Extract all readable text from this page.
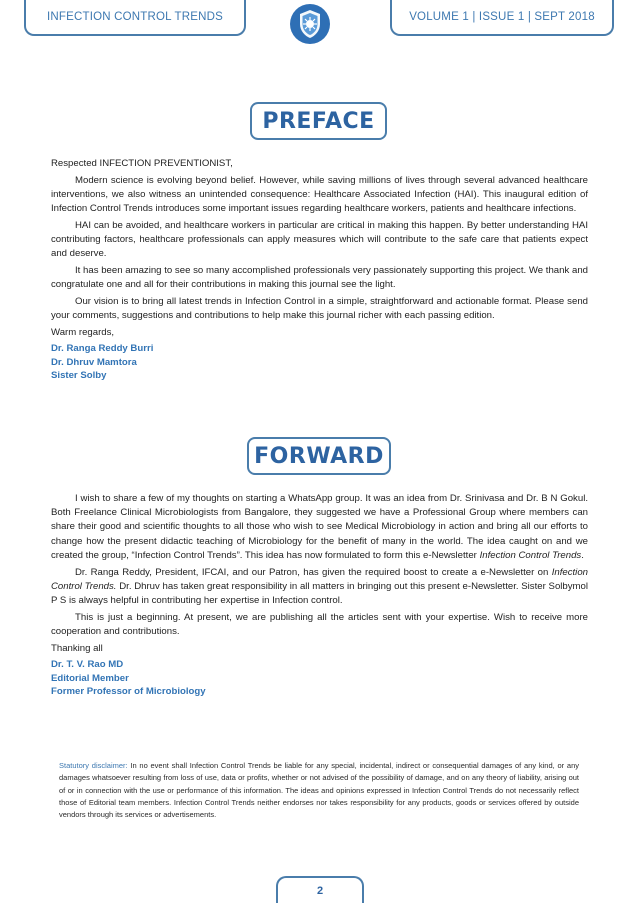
INFECTION CONTROL TRENDS	VOLUME 1 | ISSUE 1 | SEPT 2018
PREFACE

Respected INFECTION PREVENTIONIST,

Modern science is evolving beyond belief. However, while saving millions of lives through several advanced healthcare interventions, we also witness an unintended consequence: Healthcare Associated Infection (HAI). This inaugural edition of Infection Control Trends introduces some important issues regarding healthcare workers, patients and healthcare infections.

HAI can be avoided, and healthcare workers in particular are critical in making this happen. By better understanding HAI contributing factors, healthcare professionals can apply measures which will contribute to the safe care that patients expect and deserve.

It has been amazing to see so many accomplished professionals very passionately supporting this project. We thank and congratulate one and all for their contributions in making this journal see the light.

Our vision is to bring all latest trends in Infection Control in a simple, straightforward and actionable format. Please send your comments, suggestions and contributions to help make this journal richer with each passing edition.

Warm regards,

Dr. Ranga Reddy Burri
Dr. Dhruv Mamtora
Sister Solby
FORWARD

I wish to share a few of my thoughts on starting a WhatsApp group. It was an idea from Dr. Srinivasa and Dr. B N Gokul. Both Freelance Clinical Microbiologists from Bangalore, they suggested we have a Professional Group where members can share their good and scientific thoughts to all those who wish to see Medical Microbiology in action and bring all our efforts to change how the present didactic teaching of Microbiology for the benefit of many in the world. The idea caught on and we created the group, “Infection Control Trends”. This idea has now formulated to form this e-Newsletter Infection Control Trends.

Dr. Ranga Reddy, President, IFCAI, and our Patron, has given the required boost to create a e-Newsletter on Infection Control Trends. Dr. Dhruv has taken great responsibility in all matters in bringing out this present e-Newsletter. Sister Solbymol P S is always helpful in contributing her expertise in Infection control.

This is just a beginning. At present, we are publishing all the articles sent with your expertise. Wish to receive more cooperation and contributions.

Thanking all

Dr. T. V. Rao MD
Editorial Member
Former Professor of Microbiology
Statutory disclaimer: In no event shall Infection Control Trends be liable for any special, incidental, indirect or consequential damages of any kind, or any damages whatsoever resulting from loss of use, data or profits, whether or not advised of the possibility of damage, and on any theory of liability, arising out of or in connection with the use or performance of this information. The ideas and opinions expressed in Infection Control Trends do not necessarily reflect those of Editorial team members. Infection Control Trends neither endorses nor takes responsibility for any products, goods or services offered by outside vendors through its services or advertisements.
2
